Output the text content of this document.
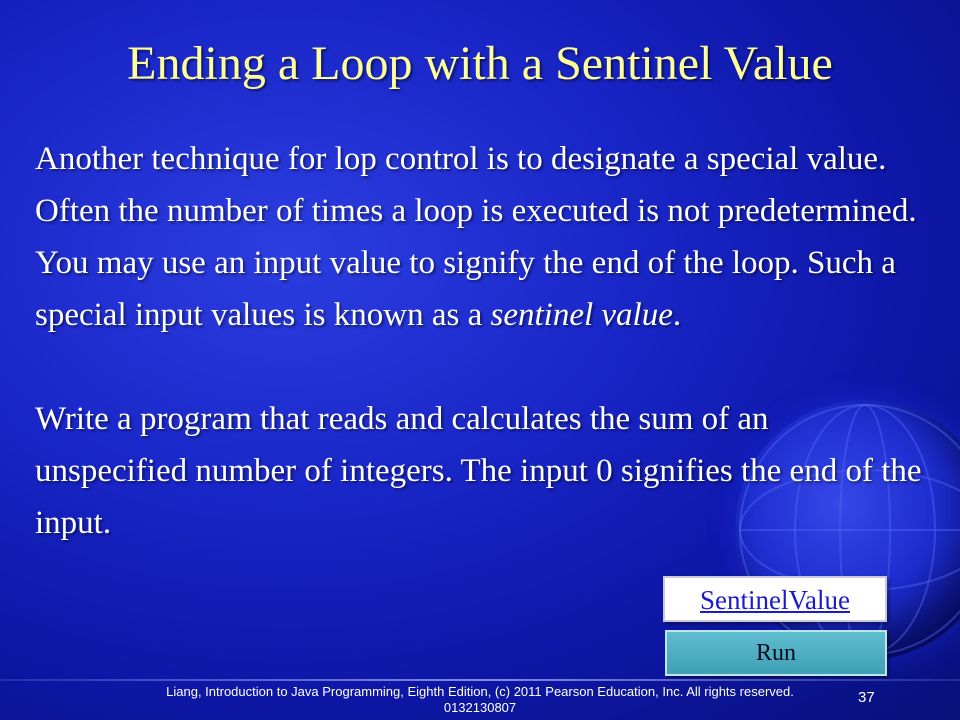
Ending a Loop with a Sentinel Value

Another technique for lop control is to designate a special value. Often the number of times a loop is executed is not predetermined. You may use an input value to signify the end of the loop. Such a special input values is known as a sentinel value.

Write a program that reads and calculates the sum of an unspecified number of integers. The input 0 signifies the end of the input.

SentinelValue
Run
Liang, Introduction to Java Programming, Eighth Edition, (c) 2011 Pearson Education, Inc. All rights reserved. 0132130807
37
